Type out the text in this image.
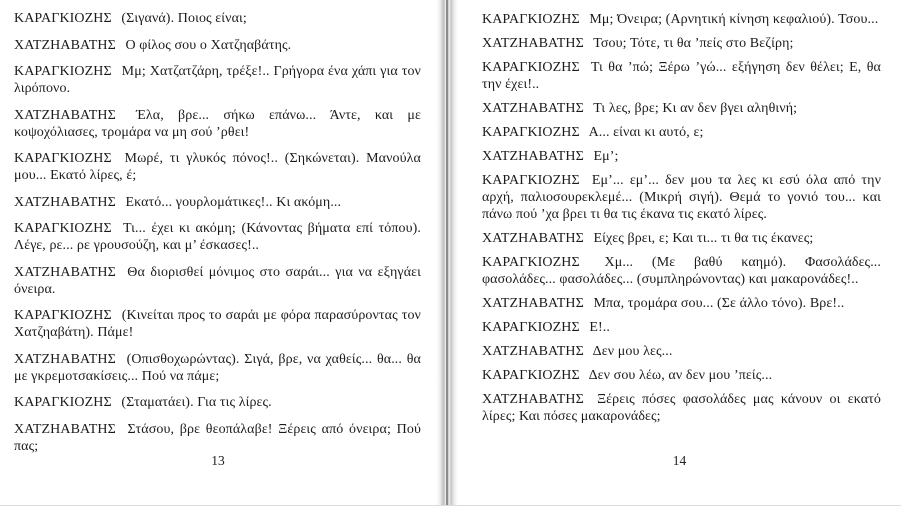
ΚΑΡΑΓΚΙΟΖΗΣ (Σιγανά). Ποιος είναι;

ΧΑΤΖΗΑΒΑΤΗΣ Ο φίλος σου ο Χατζηαβάτης.

ΚΑΡΑΓΚΙΟΖΗΣ Μμ; Χατζατζάρη, τρέξε!.. Γρήγορα ένα χάπι για τον λιρόπονο.

ΧΑΤΖΗΑΒΑΤΗΣ Έλα, βρε... σήκω επάνω... Άντε, και με κοψοχόλιασες, τρομάρα να μη σού ’ρθει!

ΚΑΡΑΓΚΙΟΖΗΣ Μωρέ, τι γλυκός πόνος!.. (Σηκώνεται). Μανούλα μου... Εκατό λίρες, έ;

ΧΑΤΖΗΑΒΑΤΗΣ Εκατό... γουρλομάτικες!.. Κι ακόμη...

ΚΑΡΑΓΚΙΟΖΗΣ Τι... έχει κι ακόμη; (Κάνοντας βήματα επί τόπου). Λέγε, ρε... ρε γρουσούζη, και μ’ έσκασες!..

ΧΑΤΖΗΑΒΑΤΗΣ Θα διορισθεί μόνιμος στο σαράι... για να εξηγάει όνειρα.

ΚΑΡΑΓΚΙΟΖΗΣ (Κινείται προς το σαράι με φόρα παρασύροντας τον Χατζηαβάτη). Πάμε!

ΧΑΤΖΗΑΒΑΤΗΣ (Οπισθοχωρώντας). Σιγά, βρε, να χαθείς... θα... θα με γκρεμοτσακίσεις... Πού να πάμε;

ΚΑΡΑΓΚΙΟΖΗΣ (Σταματάει). Για τις λίρες.

ΧΑΤΖΗΑΒΑΤΗΣ Στάσου, βρε θεοπάλαβε! Ξέρεις από όνειρα; Πού πας;

13

ΚΑΡΑΓΚΙΟΖΗΣ Μμ; Όνειρα; (Αρνητική κίνηση κεφαλιού). Τσου...

ΧΑΤΖΗΑΒΑΤΗΣ Τσου; Τότε, τι θα ’πείς στο Βεζίρη;

ΚΑΡΑΓΚΙΟΖΗΣ Τι θα ’πώ; Ξέρω ’γώ... εξήγηση δεν θέλει; Ε, θα την έχει!..

ΧΑΤΖΗΑΒΑΤΗΣ Τι λες, βρε; Κι αν δεν βγει αληθινή;

ΚΑΡΑΓΚΙΟΖΗΣ Α... είναι κι αυτό, ε;

ΧΑΤΖΗΑΒΑΤΗΣ Εμ’;

ΚΑΡΑΓΚΙΟΖΗΣ Εμ’... εμ’... δεν μου τα λες κι εσύ όλα από την αρχή, παλιοσουρεκλεμέ... (Μικρή σιγή). Θεμά το γονιό του... και πάνω πού ’χα βρει τι θα τις έκανα τις εκατό λίρες.

ΧΑΤΖΗΑΒΑΤΗΣ Είχες βρει, ε; Και τι... τι θα τις έκανες;

ΚΑΡΑΓΚΙΟΖΗΣ Χμ... (Με βαθύ καημό). Φασολάδες... φασολάδες... φασολάδες... (συμπληρώνοντας) και μακαρονάδες!..

ΧΑΤΖΗΑΒΑΤΗΣ Μπα, τρομάρα σου... (Σε άλλο τόνο). Βρε!..

ΚΑΡΑΓΚΙΟΖΗΣ Ε!..

ΧΑΤΖΗΑΒΑΤΗΣ Δεν μου λες...

ΚΑΡΑΓΚΙΟΖΗΣ Δεν σου λέω, αν δεν μου ’πείς...

ΧΑΤΖΗΑΒΑΤΗΣ Ξέρεις πόσες φασολάδες μας κάνουν οι εκατό λίρες; Και πόσες μακαρονάδες;

14
